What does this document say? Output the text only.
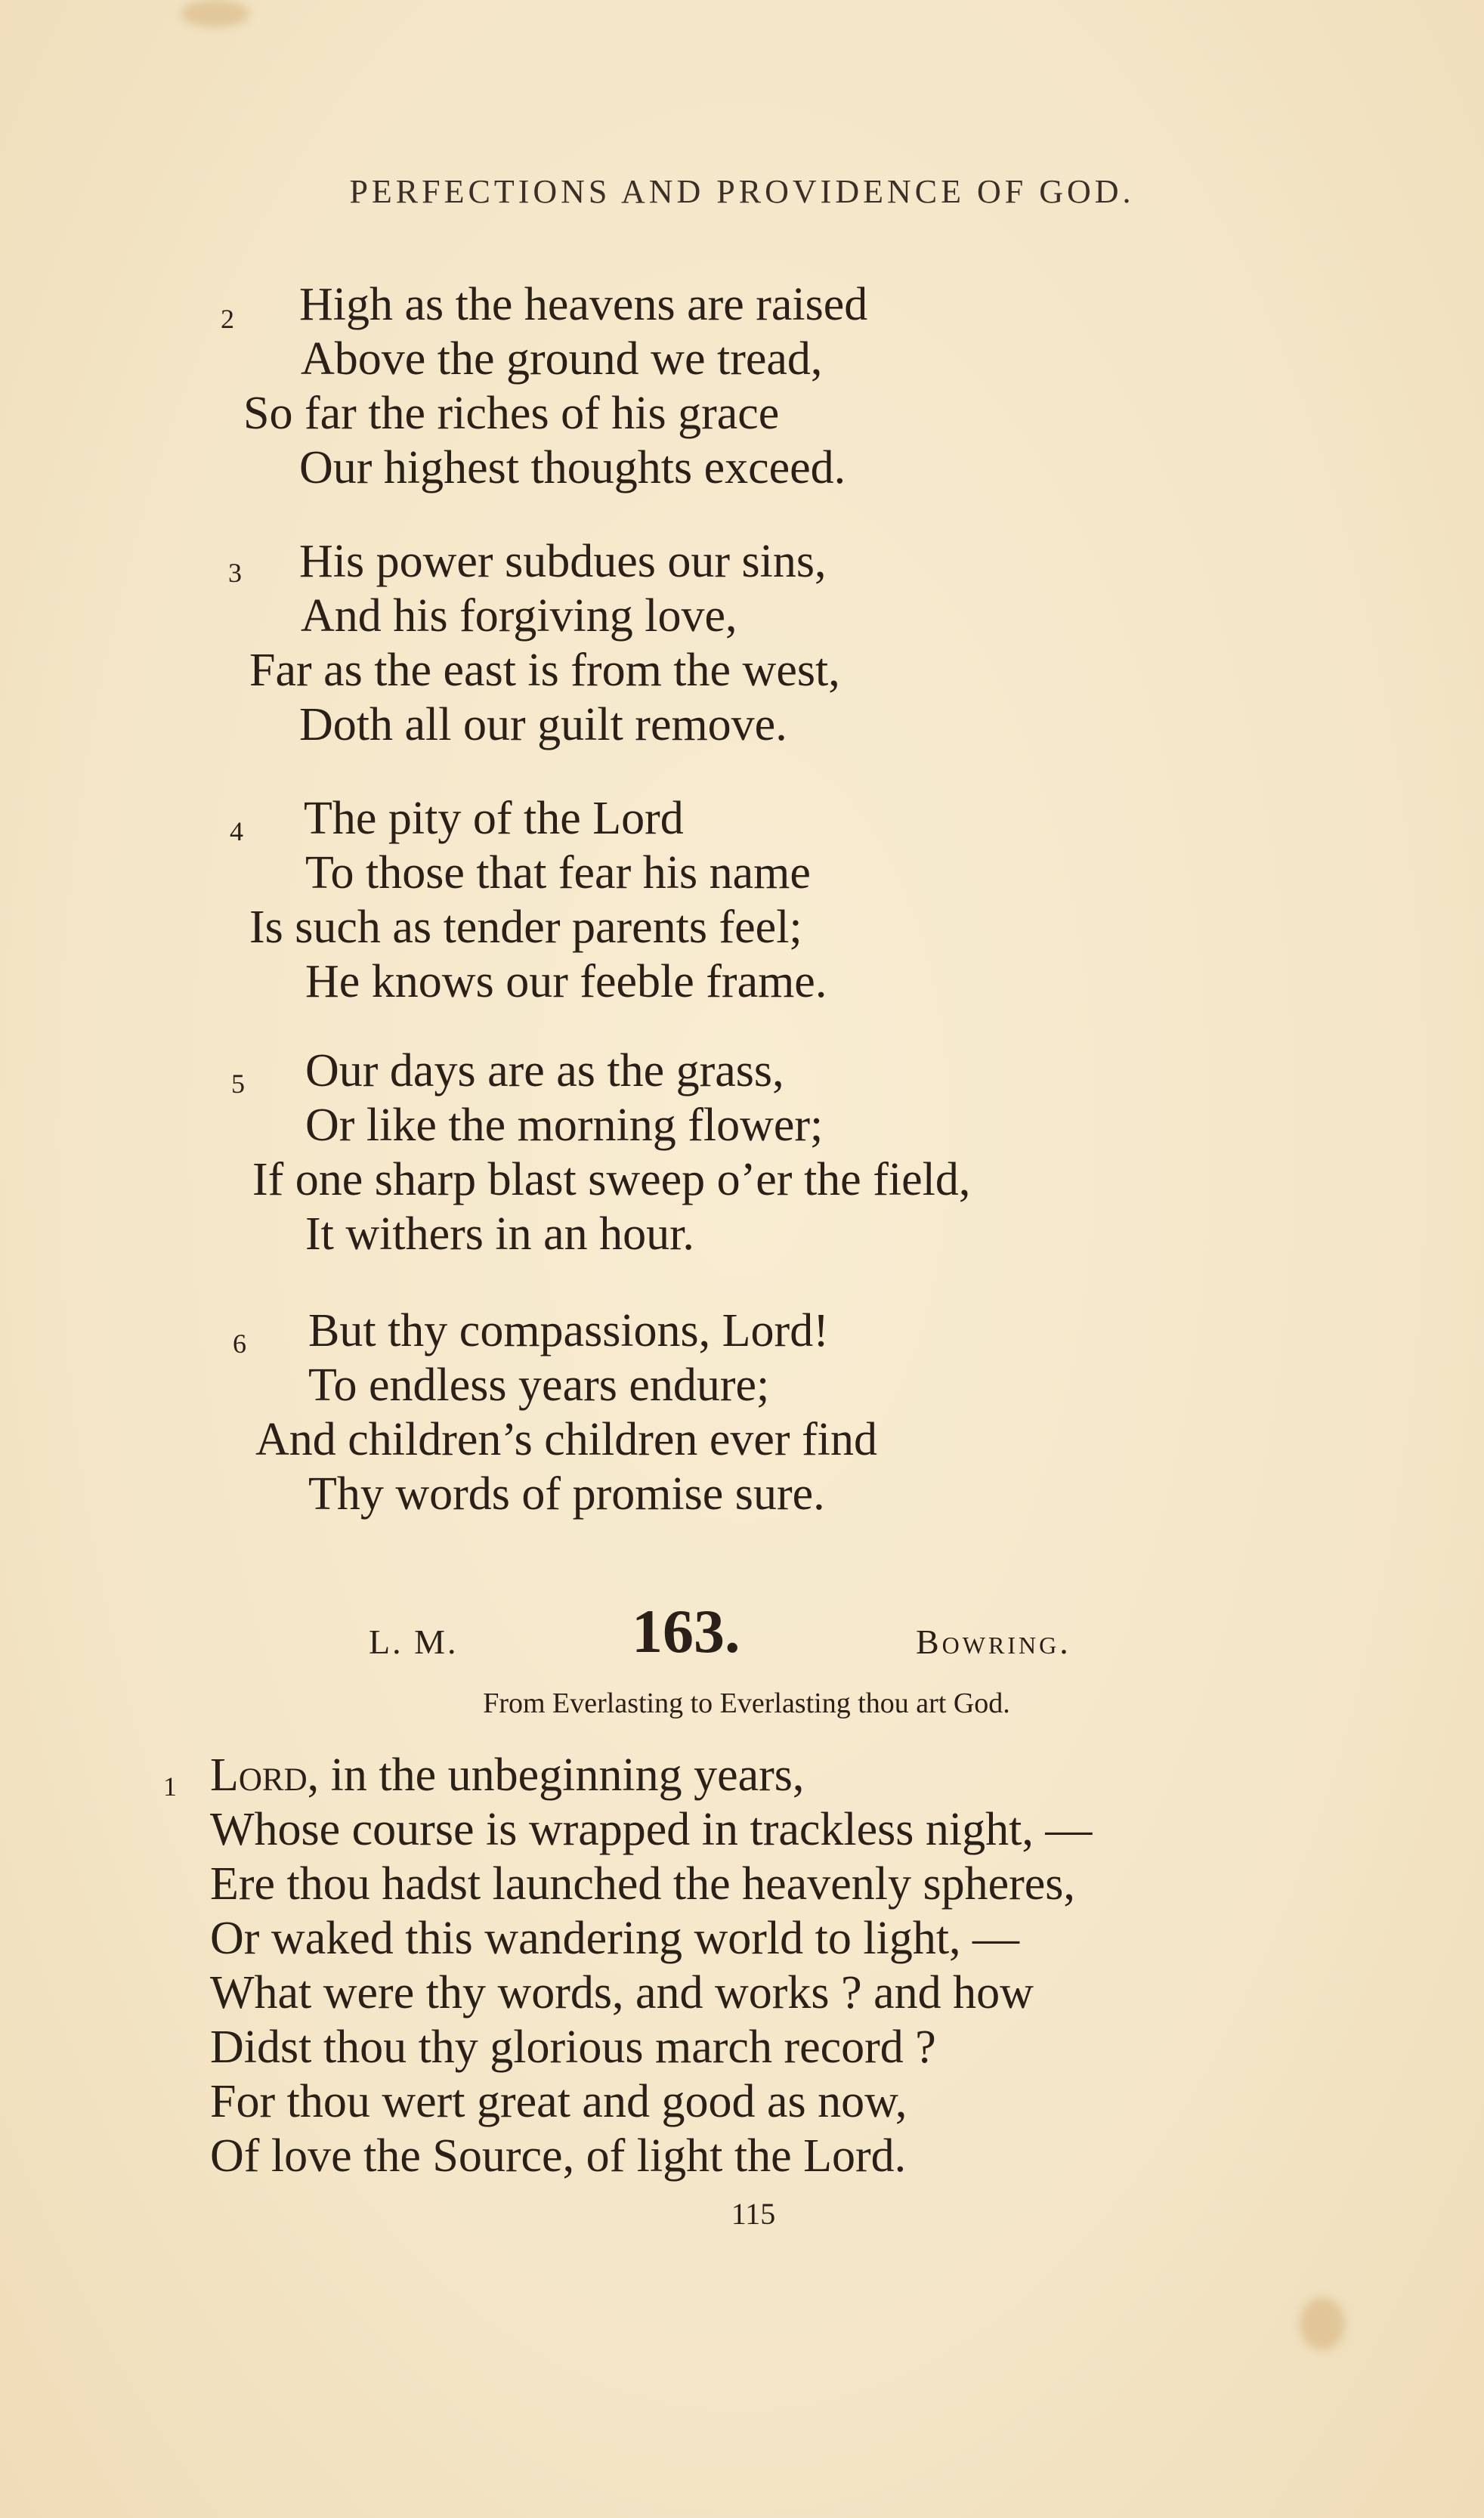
PERFECTIONS AND PROVIDENCE OF GOD.
2 High as the heavens are raised
Above the ground we tread,
So far the riches of his grace
Our highest thoughts exceed.
3 His power subdues our sins,
And his forgiving love,
Far as the east is from the west,
Doth all our guilt remove.
4 The pity of the Lord
To those that fear his name
Is such as tender parents feel;
He knows our feeble frame.
5 Our days are as the grass,
Or like the morning flower;
If one sharp blast sweep o’er the field,
It withers in an hour.
6 But thy compassions, Lord!
To endless years endure;
And children’s children ever find
Thy words of promise sure.
L. M.	163.	Bowring.
From Everlasting to Everlasting thou art God.
1 Lord, in the unbeginning years,
Whose course is wrapped in trackless night, —
Ere thou hadst launched the heavenly spheres,
Or waked this wandering world to light, —
What were thy words, and works ? and how
Didst thou thy glorious march record ?
For thou wert great and good as now,
Of love the Source, of light the Lord.
115
